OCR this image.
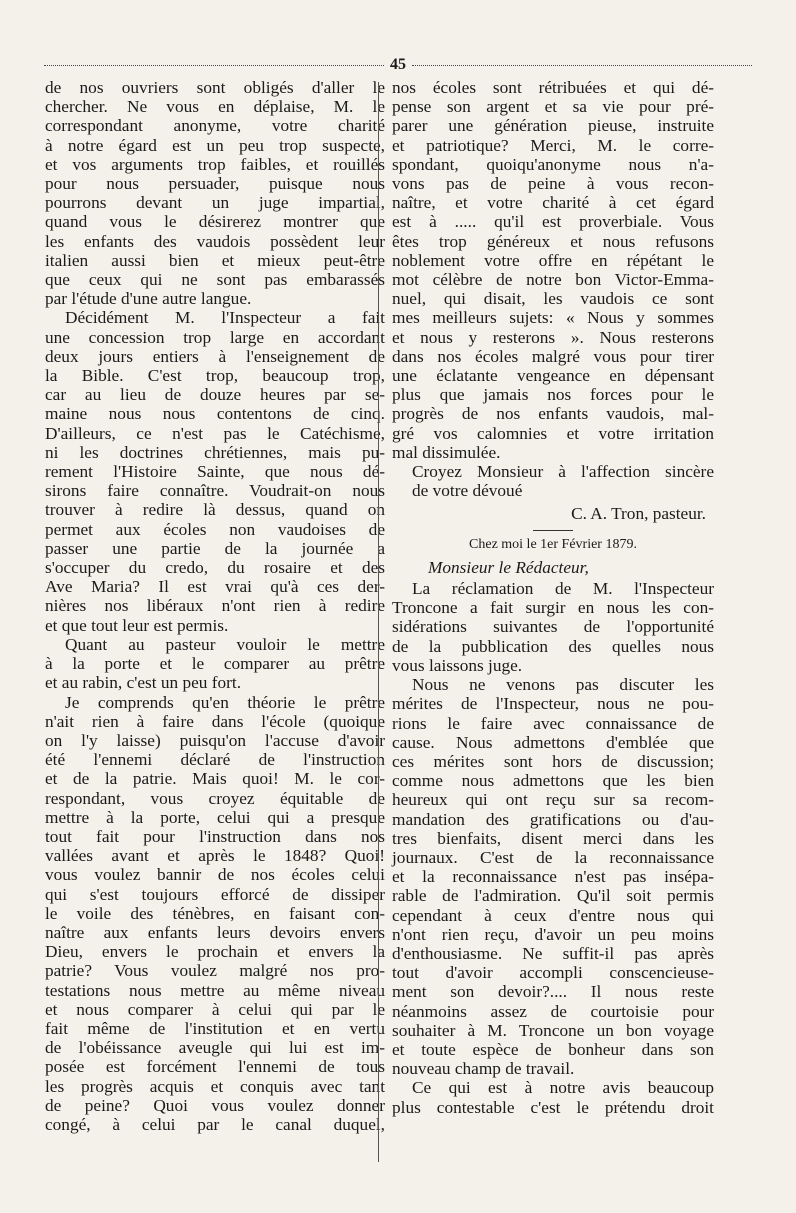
45
de nos ouvriers sont obligés d'aller le
chercher. Ne vous en déplaise, M. le
correspondant anonyme, votre charité
à notre égard est un peu trop suspecte,
et vos arguments trop faibles, et rouillés
pour nous persuader, puisque nous
pourrons devant un juge impartial,
quand vous le désirerez montrer que
les enfants des vaudois possèdent leur
italien aussi bien et mieux peut-être
que ceux qui ne sont pas embarassés
par l'étude d'une autre langue.
Décidément M. l'Inspecteur a fait
une concession trop large en accordant
deux jours entiers à l'enseignement de
la Bible. C'est trop, beaucoup trop,
car au lieu de douze heures par se-
maine nous nous contentons de cinq.
D'ailleurs, ce n'est pas le Catéchisme,
ni les doctrines chrétiennes, mais pu-
rement l'Histoire Sainte, que nous dé-
sirons faire connaître. Voudrait-on nous
trouver à redire là dessus, quand on
permet aux écoles non vaudoises de
passer une partie de la journée a
s'occuper du credo, du rosaire et des
Ave Maria? Il est vrai qu'à ces der-
nières nos libéraux n'ont rien à redire
et que tout leur est permis.
Quant au pasteur vouloir le mettre
à la porte et le comparer au prêtre
et au rabin, c'est un peu fort.
Je comprends qu'en théorie le prêtre
n'ait rien à faire dans l'école (quoique
on l'y laisse) puisqu'on l'accuse d'avoir
été l'ennemi déclaré de l'instruction
et de la patrie. Mais quoi! M. le cor-
respondant, vous croyez équitable de
mettre à la porte, celui qui a presque
tout fait pour l'instruction dans nos
vallées avant et après le 1848? Quoi!
vous voulez bannir de nos écoles celui
qui s'est toujours efforcé de dissiper
le voile des ténèbres, en faisant con-
naître aux enfants leurs devoirs envers
Dieu, envers le prochain et envers la
patrie? Vous voulez malgré nos pro-
testations nous mettre au même niveau
et nous comparer à celui qui par le
fait même de l'institution et en vertu
de l'obéissance aveugle qui lui est im-
posée est forcément l'ennemi de tous
les progrès acquis et conquis avec tant
de peine? Quoi vous voulez donner
congé, à celui par le canal duquel,
nos écoles sont rétribuées et qui dé-
pense son argent et sa vie pour pré-
parer une génération pieuse, instruite
et patriotique? Merci, M. le corre-
spondant, quoiqu'anonyme nous n'a-
vons pas de peine à vous recon-
naître, et votre charité à cet égard
est à ..... qu'il est proverbiale. Vous
êtes trop généreux et nous refusons
noblement votre offre en répétant le
mot célèbre de notre bon Victor-Emma-
nuel, qui disait, les vaudois ce sont
mes meilleurs sujets: « Nous y sommes
et nous y resterons ». Nous resterons
dans nos écoles malgré vous pour tirer
une éclatante vengeance en dépensant
plus que jamais nos forces pour le
progrès de nos enfants vaudois, mal-
gré vos calomnies et votre irritation
mal dissimulée.
Croyez Monsieur à l'affection sincère
de votre dévoué
C. A. Tron, pasteur.
Chez moi le 1er Février 1879.
Monsieur le Rédacteur,
La réclamation de M. l'Inspecteur
Troncone a fait surgir en nous les con-
sidérations suivantes de l'opportunité
de la pubblication des quelles nous
vous laissons juge.
Nous ne venons pas discuter les
mérites de l'Inspecteur, nous ne pou-
rions le faire avec connaissance de
cause. Nous admettons d'emblée que
ces mérites sont hors de discussion;
comme nous admettons que les bien
heureux qui ont reçu sur sa recom-
mandation des gratifications ou d'au-
tres bienfaits, disent merci dans les
journaux. C'est de la reconnaissance
et la reconnaissance n'est pas insépa-
rable de l'admiration. Qu'il soit permis
cependant à ceux d'entre nous qui
n'ont rien reçu, d'avoir un peu moins
d'enthousiasme. Ne suffit-il pas après
tout d'avoir accompli conscencieuse-
ment son devoir?.... Il nous reste
néanmoins assez de courtoisie pour
souhaiter à M. Troncone un bon voyage
et toute espèce de bonheur dans son
nouveau champ de travail.
Ce qui est à notre avis beaucoup
plus contestable c'est le prétendu droit
